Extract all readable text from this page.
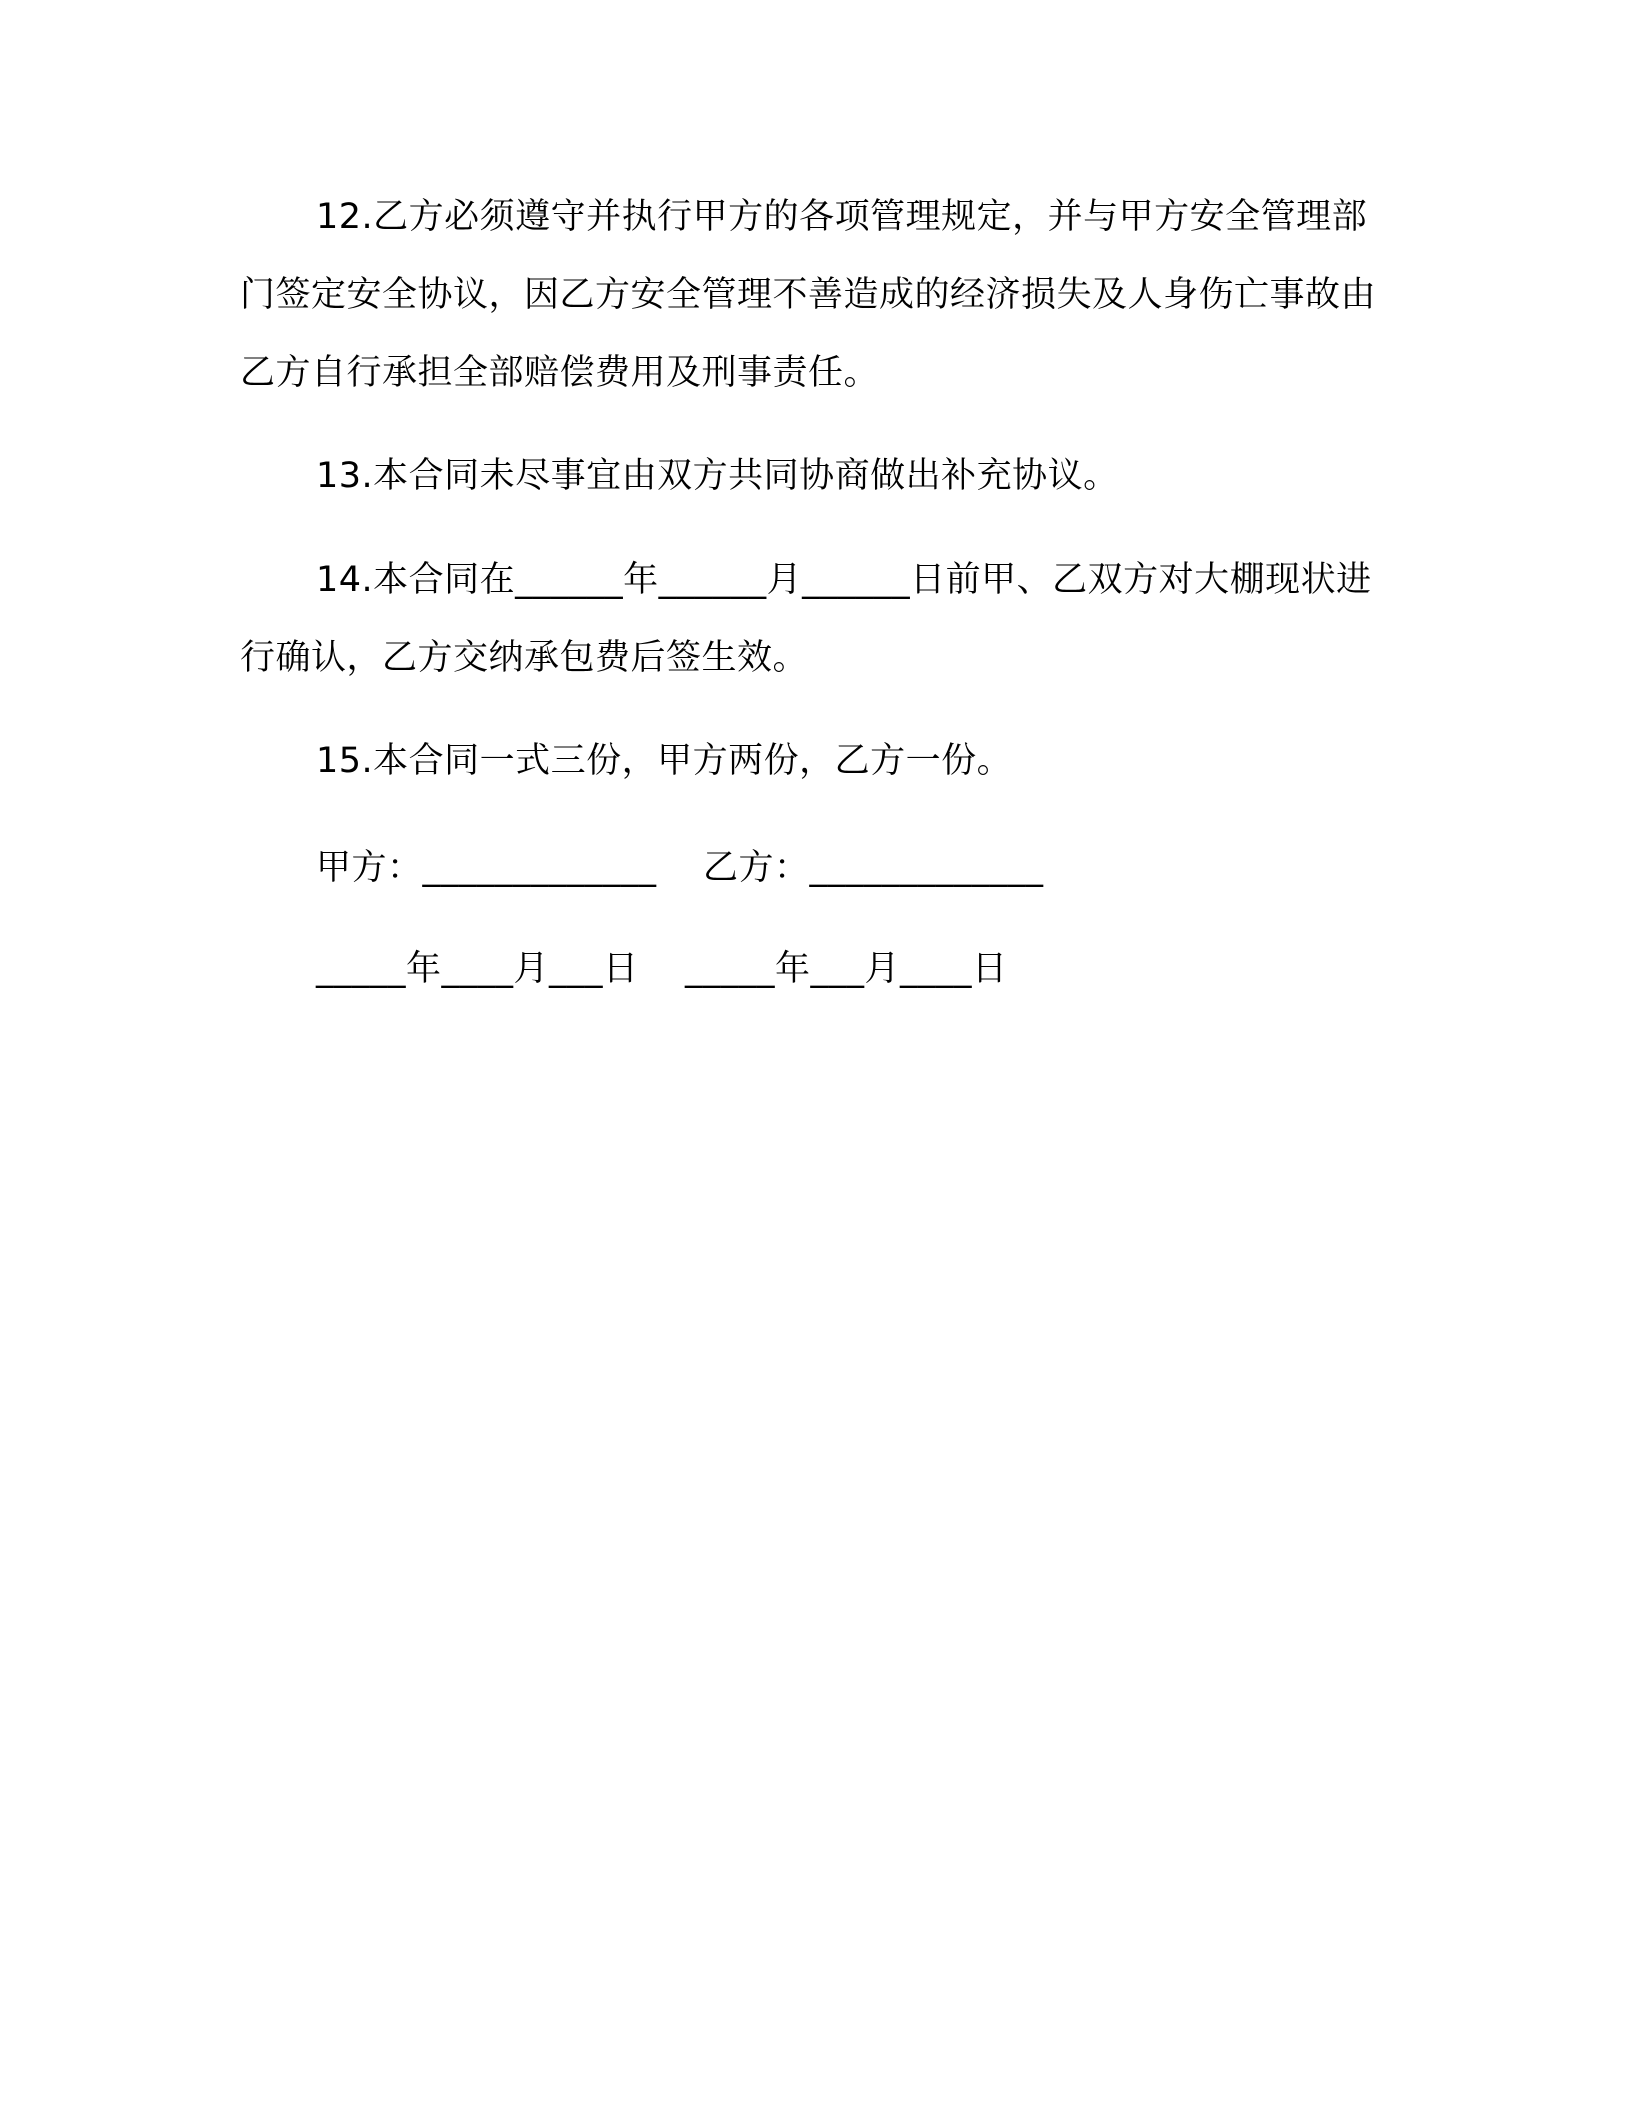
12.乙方必须遵守并执行甲方的各项管理规定，并与甲方安全管理部门签定安全协议，因乙方安全管理不善造成的经济损失及人身伤亡事故由乙方自行承担全部赔偿费用及刑事责任。

13.本合同未尽事宜由双方共同协商做出补充协议。

14.本合同在______年______月______日前甲、乙双方对大棚现状进行确认，乙方交纳承包费后签生效。

15.本合同一式三份，甲方两份，乙方一份。

甲方：_____________    乙方：_____________
_____年____月___日    _____年___月____日
